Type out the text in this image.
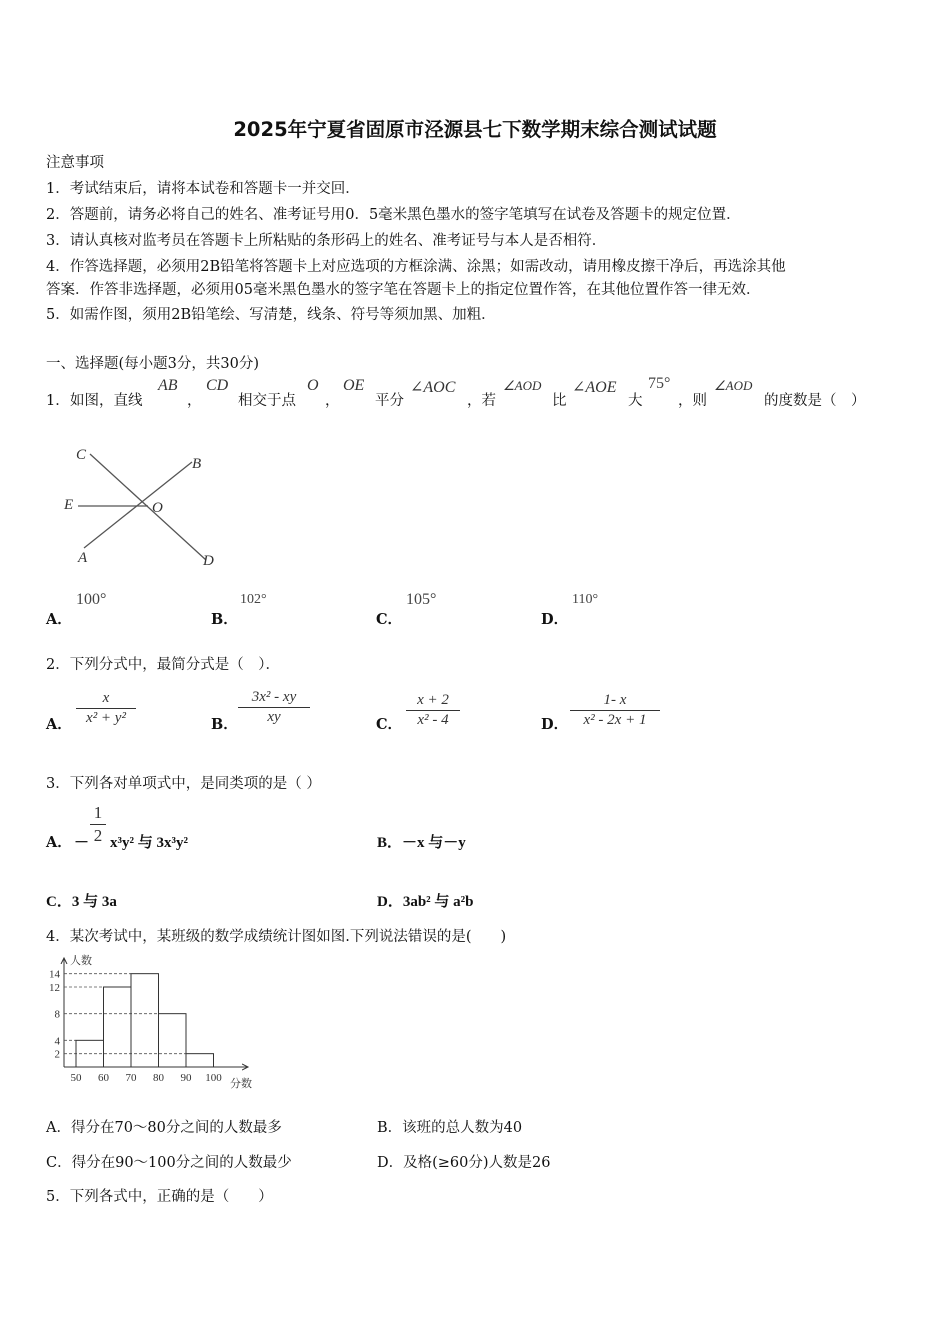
2025年宁夏省固原市泾源县七下数学期末综合测试试题
注意事项
1．考试结束后，请将本试卷和答题卡一并交回．
2．答题前，请务必将自己的姓名、准考证号用0．5毫米黑色墨水的签字笔填写在试卷及答题卡的规定位置．
3．请认真核对监考员在答题卡上所粘贴的条形码上的姓名、准考证号与本人是否相符．
4．作答选择题，必须用2B铅笔将答题卡上对应选项的方框涂满、涂黑；如需改动，请用橡皮擦干净后，再选涂其他
答案．作答非选择题，必须用05毫米黑色墨水的签字笔在答题卡上的指定位置作答，在其他位置作答一律无效．
5．如需作图，须用2B铅笔绘、写清楚，线条、符号等须加黑、加粗．
一、选择题(每小题3分，共30分)
1． 如图，直线
AB
，
CD
相交于点
O
，
OE
平分
∠AOC
，若
∠AOD
比
∠AOE
大
75°
，则
∠AOD
的度数是（　）
C
B
E	O
A	D
A．
100°
B．
102°
C．
105°
D．
110°
2．下列分式中，最简分式是（　）．
A．
x
x² + y²	B．
3x² - xy
xy	C．
x + 2
x² - 4	D．
1- x
x² - 2x + 1
3．下列各对单项式中，是同类项的是（ ）
A． －
1
2 x³y² 与 3x³y²	B．－x 与－y
C．3 与 3a	D．3ab² 与 a²b
4．某次考试中，某班级的数学成绩统计图如图.下列说法错误的是(　　)
人数
分数
2
4
8
12
14
50 60 70 80 90 100
A．得分在70～80分之间的人数最多	B．该班的总人数为40
C．得分在90～100分之间的人数最少	D．及格(≥60分)人数是26
5．下列各式中，正确的是（　　）
